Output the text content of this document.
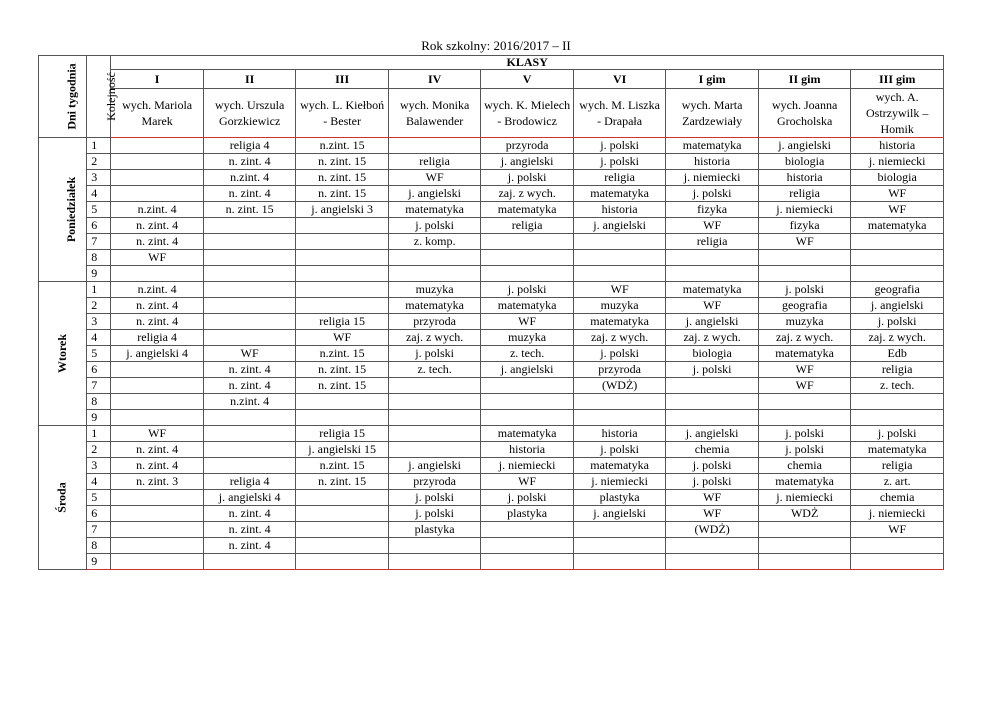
Rok szkolny: 2016/2017 – II
Dni tygodnia	Kolejność	KLASY								
		I	II	III	IV	V	VI	I gim	II gim	III gim
		wych. Mariola Marek	wych. Urszula Gorzkiewicz	wych. L. Kiełboń - Bester	wych. Monika Balawender	wych. K. Mielech - Brodowicz	wych. M. Liszka - Drapała	wych. Marta Zardzewiały	wych. Joanna Grocholska	wych. A. Ostrzywilk – Homik
Poniedziałek	1		religia 4	n.zint. 15		przyroda	j. polski	matematyka	j. angielski	historia
	2		n. zint. 4	n. zint. 15	religia	j. angielski	j. polski	historia	biologia	j. niemiecki
	3		n.zint. 4	n. zint. 15	WF	j. polski	religia	j. niemiecki	historia	biologia
	4		n. zint. 4	n. zint. 15	j. angielski	zaj. z wych.	matematyka	j. polski	religia	WF
	5	n.zint. 4	n. zint. 15	j. angielski 3	matematyka	matematyka	historia	fizyka	j. niemiecki	WF
	6	n. zint. 4			j. polski	religia	j. angielski	WF	fizyka	matematyka
	7	n. zint. 4			z. komp.			religia	WF	
	8	WF								
	9									
Wtorek	1	n.zint. 4			muzyka	j. polski	WF	matematyka	j. polski	geografia
	2	n. zint. 4			matematyka	matematyka	muzyka	WF	geografia	j. angielski
	3	n. zint. 4		religia 15	przyroda	WF	matematyka	j. angielski	muzyka	j. polski
	4	religia 4		WF	zaj. z wych.	muzyka	zaj. z wych.	zaj. z wych.	zaj. z wych.	zaj. z wych.
	5	j. angielski 4	WF	n.zint. 15	j. polski	z. tech.	j. polski	biologia	matematyka	Edb
	6		n. zint. 4	n. zint. 15	z. tech.	j. angielski	przyroda	j. polski	WF	religia
	7		n. zint. 4	n. zint. 15			(WDŻ)		WF	z. tech.
	8		n.zint. 4							
	9									
Środa	1	WF		religia 15		matematyka	historia	j. angielski	j. polski	j. polski
	2	n. zint. 4		j. angielski 15		historia	j. polski	chemia	j. polski	matematyka
	3	n. zint. 4		n.zint. 15	j. angielski	j. niemiecki	matematyka	j. polski	chemia	religia
	4	n. zint. 3	religia 4	n. zint. 15	przyroda	WF	j. niemiecki	j. polski	matematyka	z. art.
	5		j. angielski 4		j. polski	j. polski	plastyka	WF	j. niemiecki	chemia
	6		n. zint. 4		j. polski	plastyka	j. angielski	WF	WDŻ	j. niemiecki
	7		n. zint. 4		plastyka			(WDŻ)		WF
	8		n. zint. 4							
	9									
